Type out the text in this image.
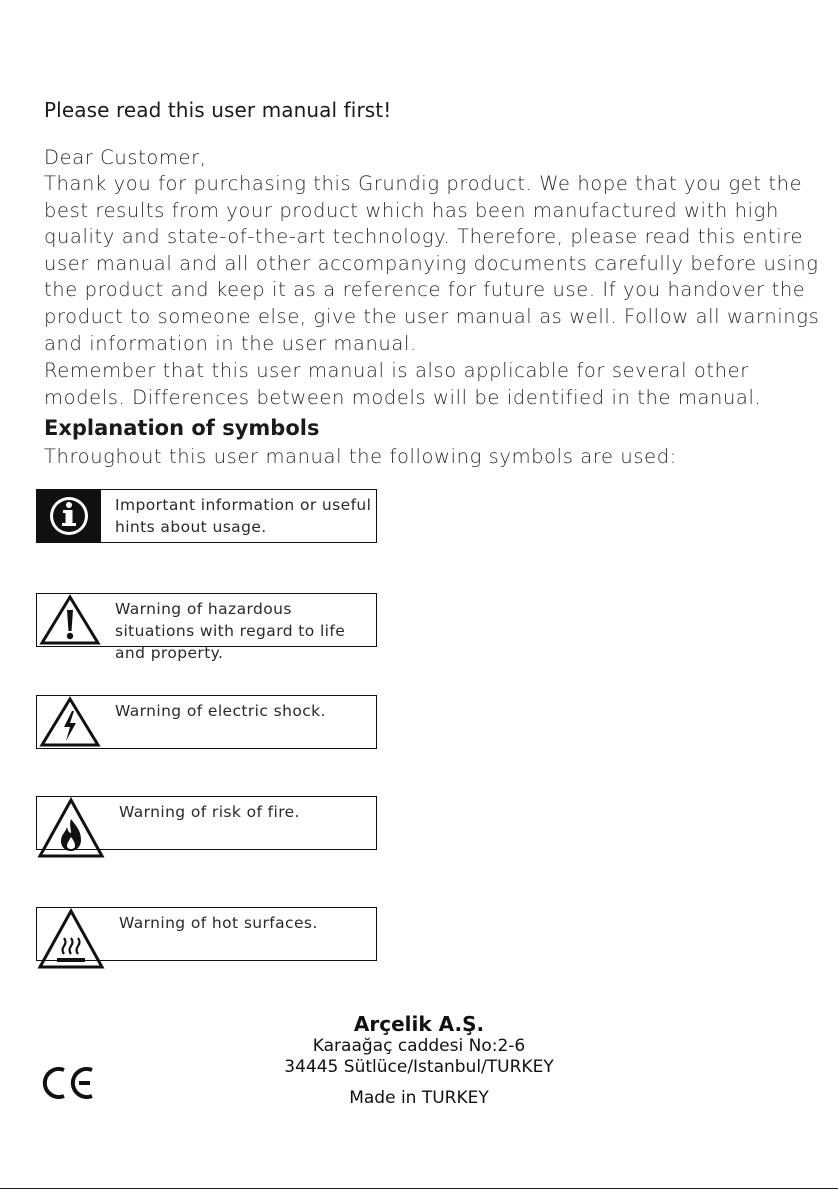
Please read this user manual first!

Dear Customer,

Thank you for purchasing this Grundig product. We hope that you get the best results from your product which has been manufactured with high quality and state-of-the-art technology. Therefore, please read this entire user manual and all other accompanying documents carefully before using the product and keep it as a reference for future use. If you handover the product to someone else, give the user manual as well. Follow all warnings and information in the user manual.

Remember that this user manual is also applicable for several other models. Differences between models will be identified in the manual.

Explanation of symbols

Throughout this user manual the following symbols are used:

Important information or useful hints about usage.
Warning of hazardous situations with regard to life and property.
Warning of electric shock.
Warning of risk of fire.
Warning of hot surfaces.
Arçelik A.Ş.
Karaağaç caddesi No:2-6
34445 Sütlüce/Istanbul/TURKEY
Made in TURKEY
